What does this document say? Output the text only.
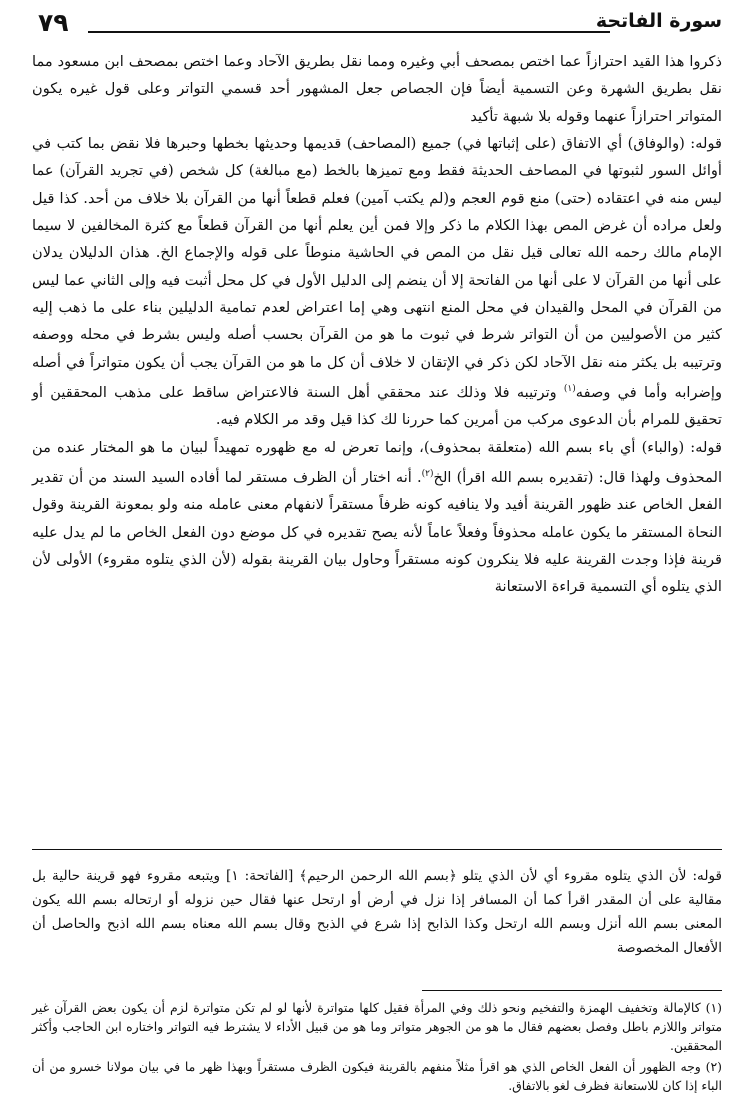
٧٩	سورة الفاتحة

ذكروا هذا القيد احترازاً عما اختص بمصحف أبي وغيره ومما نقل بطريق الآحاد وعما اختص بمصحف ابن مسعود مما نقل بطريق الشهرة وعن التسمية أيضاً فإن الجصاص جعل المشهور أحد قسمي التواتر وعلى قول غيره يكون المتواتر احترازاً عنهما وقوله بلا شبهة تأكيد

قوله: (والوفاق) أي الاتفاق (على إثباتها في) جميع (المصاحف) قديمها وحديثها بخطها وحبرها فلا نقض بما كتب في أوائل السور لثبوتها في المصاحف الحديثة فقط ومع تميزها بالخط (مع مبالغة) كل شخص (في تجريد القرآن) عما ليس منه في اعتقاده (حتى) منع قوم العجم و(لم يكتب آمين) فعلم قطعاً أنها من القرآن بلا خلاف من أحد. كذا قيل ولعل مراده أن غرض المص بهذا الكلام ما ذكر وإلا فمن أين يعلم أنها من القرآن قطعاً مع كثرة المخالفين لا سيما الإمام مالك رحمه الله تعالى قيل نقل من المص في الحاشية منوطاً على قوله والإجماع الخ. هذان الدليلان يدلان على أنها من القرآن لا على أنها من الفاتحة إلا أن ينضم إلى الدليل الأول في كل محل أثبت فيه وإلى الثاني عما ليس من القرآن في المحل والقيدان في محل المنع انتهى وهي إما اعتراض لعدم تمامية الدليلين بناء على ما ذهب إليه كثير من الأصوليين من أن التواتر شرط في ثبوت ما هو من القرآن بحسب أصله وليس بشرط في محله ووصفه وترتيبه بل يكثر منه نقل الآحاد لكن ذكر في الإتقان لا خلاف أن كل ما هو من القرآن يجب أن يكون متواتراً في أصله وإضرابه وأما في وصفه$^{(١)}$ وترتيبه فلا وذلك عند محققي أهل السنة فالاعتراض ساقط على مذهب المحققين أو تحقيق للمرام بأن الدعوى مركب من أمرين كما حررنا لك كذا قيل وقد مر الكلام فيه.

قوله: (والباء) أي باء بسم الله (متعلقة بمحذوف)، وإنما تعرض له مع ظهوره تمهيداً لبيان ما هو المختار عنده من المحذوف ولهذا قال: (تقديره بسم الله اقرأ) الخ$^{(٢)}$. أنه اختار أن الظرف مستقر لما أفاده السيد السند من أن تقدير الفعل الخاص عند ظهور القرينة أفيد ولا ينافيه كونه ظرفاً مستقراً لانفهام معنى عامله منه ولو بمعونة القرينة وقول النحاة المستقر ما يكون عامله محذوفاً وفعلاً عاماً لأنه يصح تقديره في كل موضع دون الفعل الخاص ما لم يدل عليه قرينة فإذا وجدت القرينة عليه فلا ينكرون كونه مستقراً وحاول بيان القرينة بقوله (لأن الذي يتلوه مقروء) الأولى لأن الذي يتلوه أي التسمية قراءة الاستعانة

قوله: لأن الذي يتلوه مقروء أي لأن الذي يتلو ﴿بسم الله الرحمن الرحيم﴾ [الفاتحة: ١] ويتبعه مقروء فهو قرينة حالية بل مقالية على أن المقدر اقرأ كما أن المسافر إذا نزل في أرض أو ارتحل عنها فقال حين نزوله أو ارتحاله بسم الله يكون المعنى بسم الله أنزل وبسم الله ارتحل وكذا الذابح إذا شرع في الذبح وقال بسم الله معناه بسم الله اذبح والحاصل أن الأفعال المخصوصة

(١) كالإمالة وتخفيف الهمزة والتفخيم ونحو ذلك وفي المرأة فقيل كلها متواترة لأنها لو لم تكن متواترة لزم أن يكون بعض القرآن غير متواتر واللازم باطل وفصل بعضهم فقال ما هو من الجوهر متواتر وما هو من قبيل الأداء لا يشترط فيه التواتر واختاره ابن الحاجب وأكثر المحققين.

(٢) وجه الظهور أن الفعل الخاص الذي هو اقرأ مثلاً منفهم بالقرينة فيكون الظرف مستقراً وبهذا ظهر ما في بيان مولانا خسرو من أن الباء إذا كان للاستعانة فظرف لغو بالاتفاق.
